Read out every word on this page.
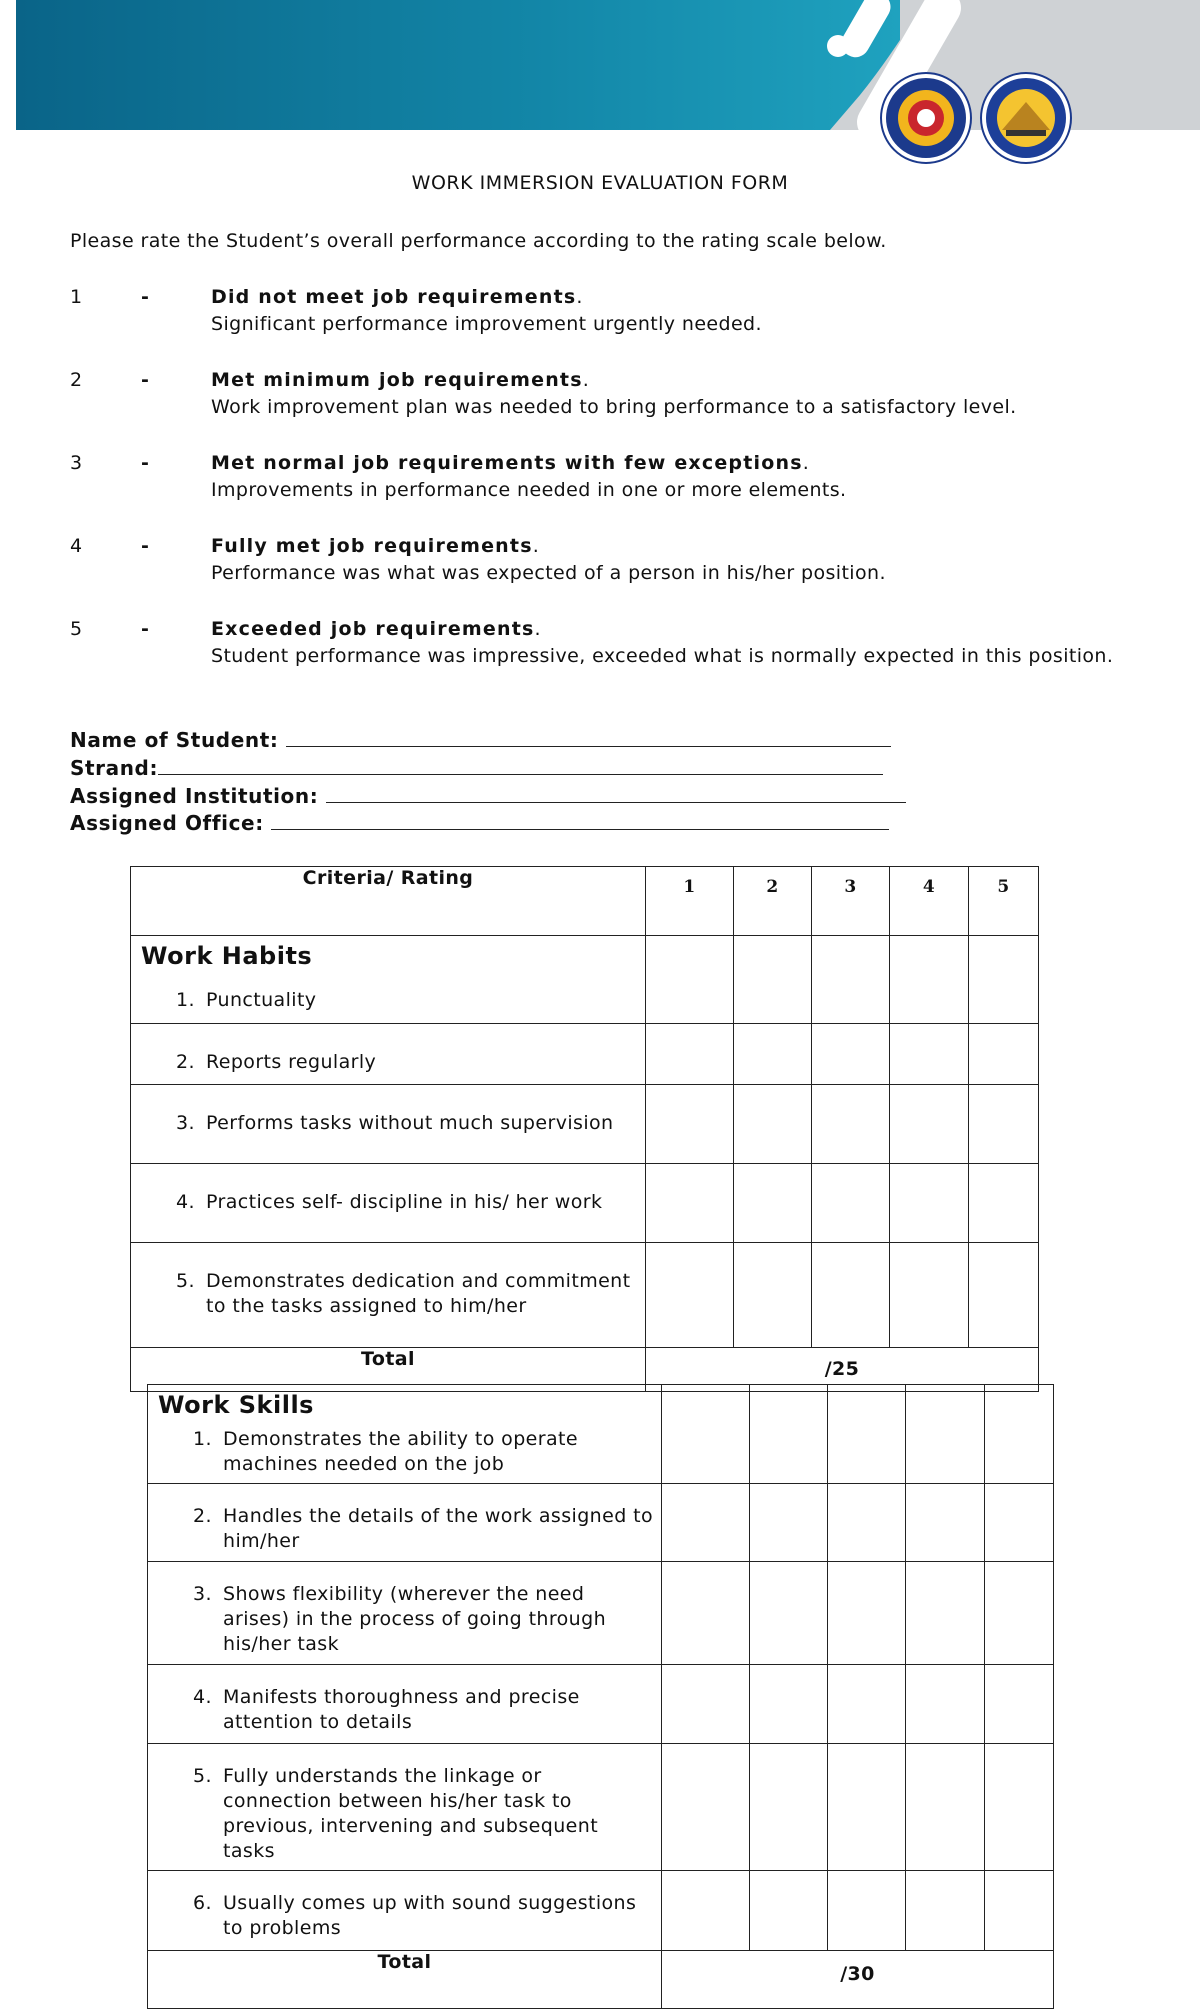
WORK IMMERSION EVALUATION FORM
Please rate the Student’s overall performance according to the rating scale below.
1	-	Did not meet job requirements.
Significant performance improvement urgently needed.
2	-	Met minimum job requirements.
Work improvement plan was needed to bring performance to a satisfactory level.
3	-	Met normal job requirements with few exceptions.
Improvements in performance needed in one or more elements.
4	-	Fully met job requirements.
Performance was what was expected of a person in his/her position.
5	-	Exceeded job requirements.
Student performance was impressive, exceeded what is normally expected in this position.
Name of Student:
Strand:
Assigned Institution:
Assigned Office:
Criteria/ Rating	1	2	3	4	5

Work Habits
1. Punctuality					

2. Reports regularly					

3. Performs tasks without much supervision					

4. Practices self- discipline in his/ her work					

5. Demonstrates dedication and commitment to the tasks assigned to him/her					

Total	/25				
Work Skills
1. Demonstrates the ability to operate machines needed on the job					

2. Handles the details of the work assigned to him/her					

3. Shows flexibility (wherever the need arises) in the process of going through his/her task					

4. Manifests thoroughness and precise attention to details					

5. Fully understands the linkage or connection between his/her task to previous, intervening and subsequent tasks					

6. Usually comes up with sound suggestions to problems					

Total	/30				
